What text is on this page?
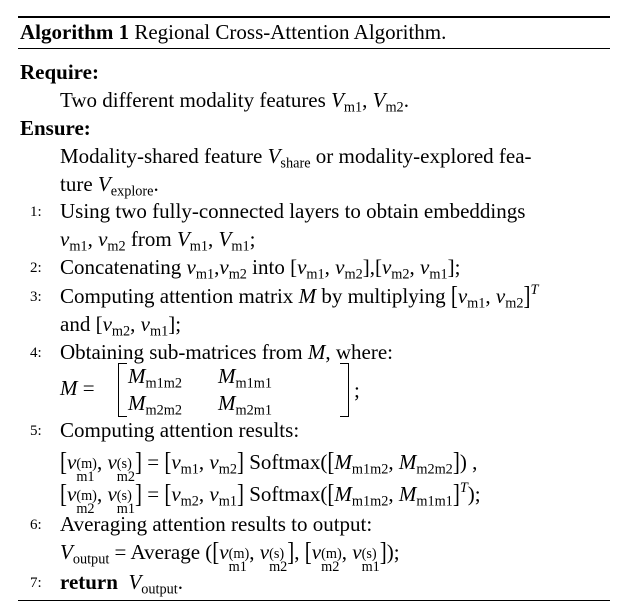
Algorithm 1 Regional Cross-Attention Algorithm.
Require:
Two different modality features $V_{m1}$, $V_{m2}$.
Ensure:
Modality-shared feature $V_{share}$ or modality-explored fea-
ture $V_{explore}$.
1: Using two fully-connected layers to obtain embeddings
$v_{m1}$, $v_{m2}$ from $V_{m1}$, $V_{m1}$;
2: Concatenating $v_{m1},v_{m2}$ into [$v_{m1}$, $v_{m2}],[v_{m2}$, $v_{m1}$];
3: Computing attention matrix M by multiplying [$v_{m1}$, $v_{m2}]^T$
and [$v_{m2}$, $v_{m1}$];
4: Obtaining sub-matrices from M, where:
$M = M_{m1m2}$ $M_{m1m1}$
$M_{m2m2}$ $M_{m2m1}$
;
5: Computing attention results:
[v (m)
m1
, v (s)
m2 ] = [$v_{m1}$, $v_{m2}$] $Softmax([M_{m1m2}$, $M_{m2m2}$]) ,
[v (m)
m2
, v (s)
m1 ] = [$v_{m2}$, $v_{m1}$] $Softmax([M_{m1m2}$, $M_{m1m1}]^T$);
6: Averaging attention results to output:
$V_{output}$ = Average ([v (m)
m1
, v (s)
m2 ], [v (m)
m2
, v (s)
m1 ]);
7: return $V_{output}$.
